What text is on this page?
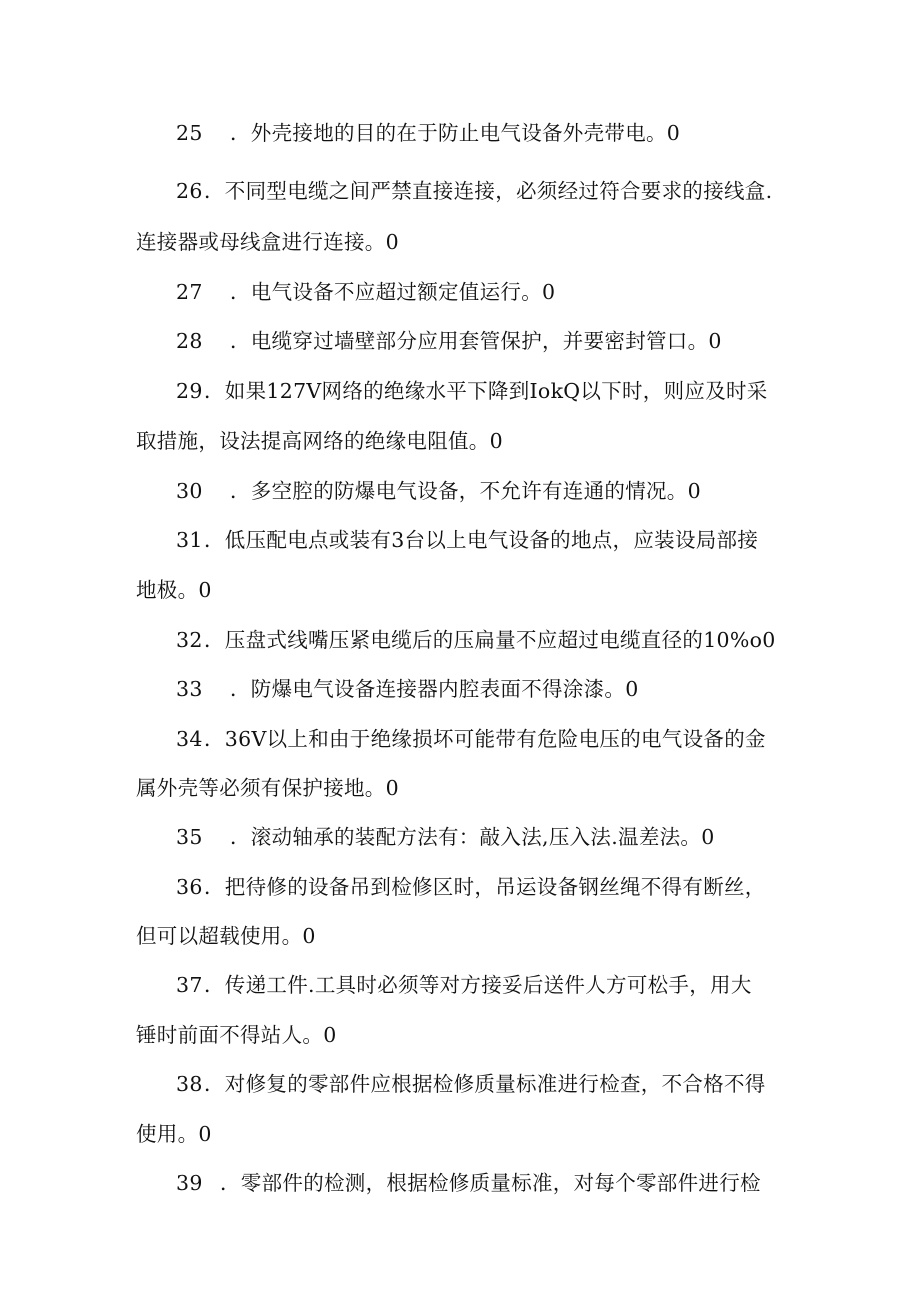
25 ．外壳接地的目的在于防止电气设备外壳带电。0
26．不同型电缆之间严禁直接连接，必须经过符合要求的接线盒.
连接器或母线盒进行连接。0
27 ．电气设备不应超过额定值运行。0
28 ．电缆穿过墙壁部分应用套管保护，并要密封管口。0
29．如果127V网络的绝缘水平下降到IokQ以下时，则应及时采
取措施，设法提高网络的绝缘电阻值。0
30 ．多空腔的防爆电气设备，不允许有连通的情况。0
31．低压配电点或装有3台以上电气设备的地点，应装设局部接
地极。0
32．压盘式线嘴压紧电缆后的压扁量不应超过电缆直径的10%o0
33 ．防爆电气设备连接器内腔表面不得涂漆。0
34．36V以上和由于绝缘损坏可能带有危险电压的电气设备的金
属外壳等必须有保护接地。0
35 ．滚动轴承的装配方法有：敲入法,压入法.温差法。0
36．把待修的设备吊到检修区时，吊运设备钢丝绳不得有断丝，
但可以超载使用。0
37．传递工件.工具时必须等对方接妥后送件人方可松手，用大
锤时前面不得站人。0
38．对修复的零部件应根据检修质量标准进行检查，不合格不得
使用。0
39 ．零部件的检测，根据检修质量标准，对每个零部件进行检
